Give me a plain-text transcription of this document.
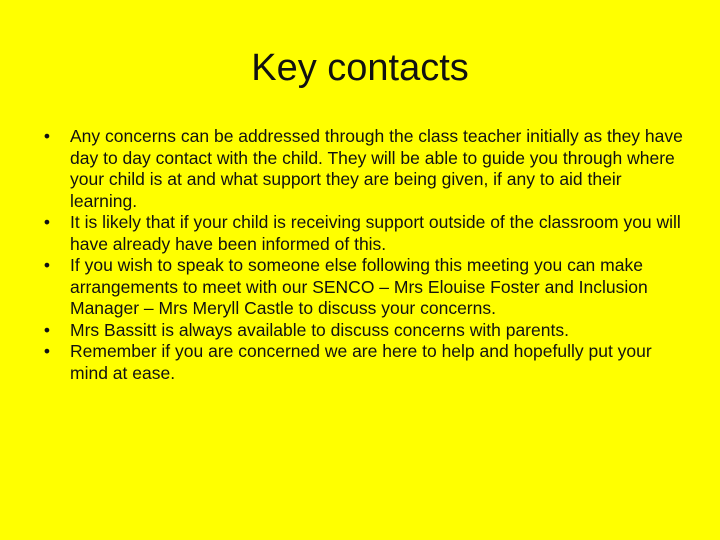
Key contacts
• Any concerns can be addressed through the class teacher initially as they have day to day contact with the child. They will be able to guide you through where your child is at and what support they are being given, if any to aid their learning.
• It is likely that if your child is receiving support outside of the classroom you will have already have been informed of this.
• If you wish to speak to someone else following this meeting you can make arrangements to meet with our SENCO – Mrs Elouise Foster and Inclusion Manager – Mrs Meryll Castle to discuss your concerns.
• Mrs Bassitt is always available to discuss concerns with parents.
• Remember if you are concerned we are here to help and hopefully put your mind at ease.
